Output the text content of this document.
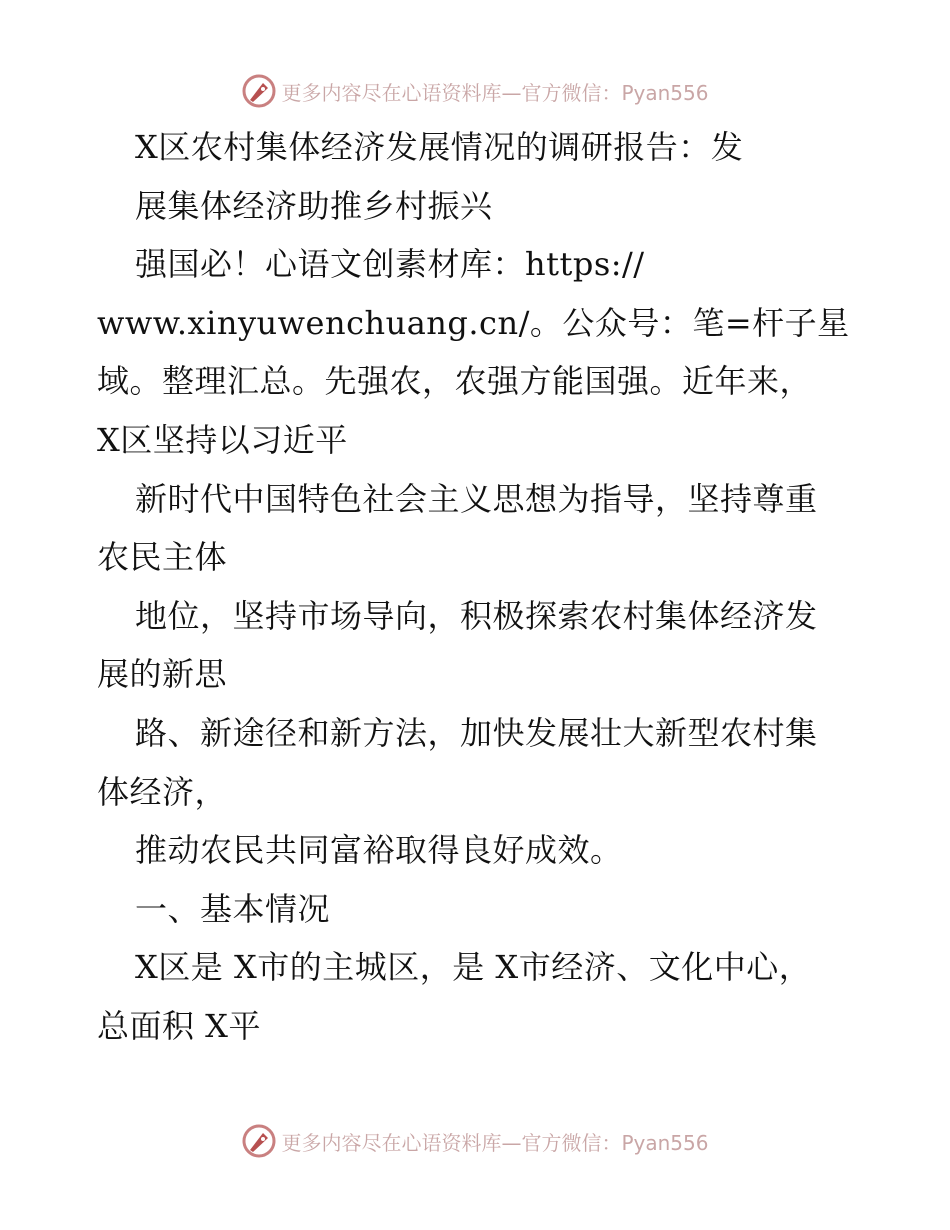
更多内容尽在心语资料库—官方微信：Pyan556
X区农村集体经济发展情况的调研报告：发
展集体经济助推乡村振兴
强国必！心语文创素材库：https://
www.xinyuwenchuang.cn/。公众号：笔=杆子星
域。整理汇总。先强农，农强方能国强。近年来，
X区坚持以习近平
新时代中国特色社会主义思想为指导，坚持尊重
农民主体
地位，坚持市场导向，积极探索农村集体经济发
展的新思
路、新途径和新方法，加快发展壮大新型农村集
体经济，
推动农民共同富裕取得良好成效。
一、基本情况
X区是 X市的主城区，是 X市经济、文化中心，
总面积 X平
更多内容尽在心语资料库—官方微信：Pyan556
